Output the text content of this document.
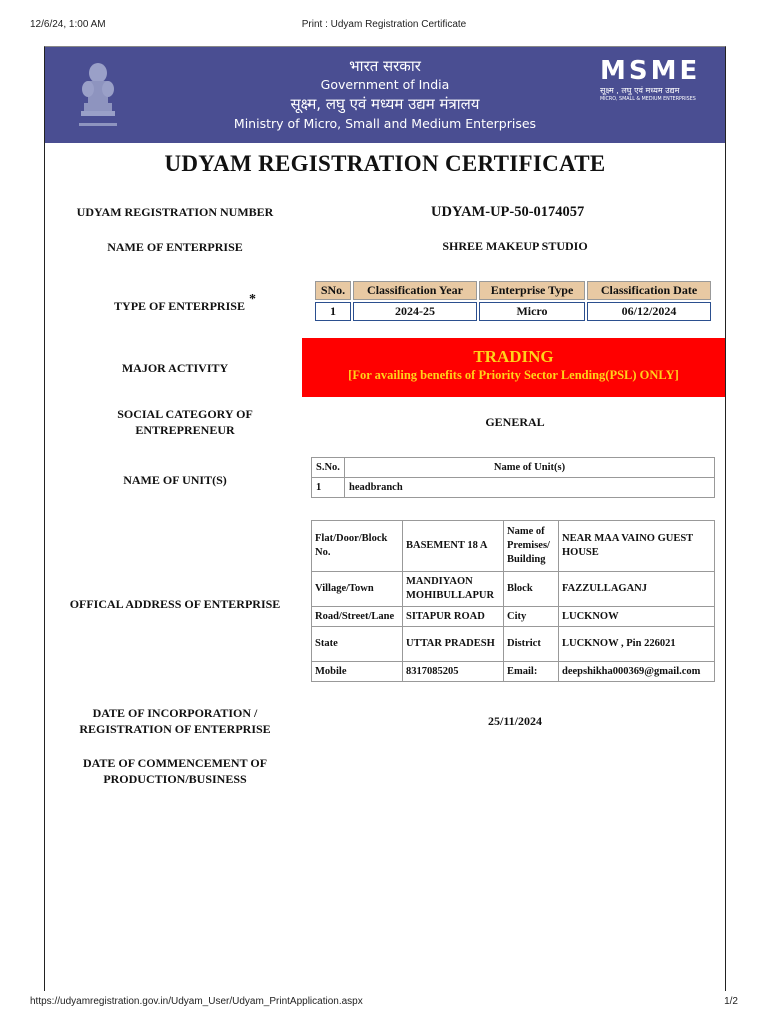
12/6/24, 1:00 AM	Print : Udyam Registration Certificate
भारत सरकार
Government of India
सूक्ष्म, लघु एवं मध्यम उद्यम मंत्रालय
Ministry of Micro, Small and Medium Enterprises
MSME
सूक्ष्म , लघु एवं मध्यम उद्यम
MICRO, SMALL & MEDIUM ENTERPRISES
UDYAM REGISTRATION CERTIFICATE
UDYAM REGISTRATION NUMBER	UDYAM-UP-50-0174057
NAME OF ENTERPRISE	SHREE MAKEUP STUDIO
TYPE OF ENTERPRISE *
SNo.	Classification Year	Enterprise Type	Classification Date
1	2024-25	Micro	06/12/2024
MAJOR ACTIVITY
TRADING
[For availing benefits of Priority Sector Lending(PSL) ONLY]
SOCIAL CATEGORY OF
ENTREPRENEUR
GENERAL
NAME OF UNIT(S)
S.No.	Name of Unit(s)
1	headbranch
OFFICAL ADDRESS OF ENTERPRISE
Flat/Door/Block No.	BASEMENT 18 A	Name of Premises/ Building	NEAR MAA VAINO GUEST HOUSE
Village/Town	MANDIYAON MOHIBULLAPUR	Block	FAZZULLAGANJ
Road/Street/Lane	SITAPUR ROAD	City	LUCKNOW
State	UTTAR PRADESH	District	LUCKNOW , Pin 226021
Mobile	8317085205	Email:	deepshikha000369@gmail.com
DATE OF INCORPORATION /
REGISTRATION OF ENTERPRISE
25/11/2024
DATE OF COMMENCEMENT OF
PRODUCTION/BUSINESS
https://udyamregistration.gov.in/Udyam_User/Udyam_PrintApplication.aspx	1/2
